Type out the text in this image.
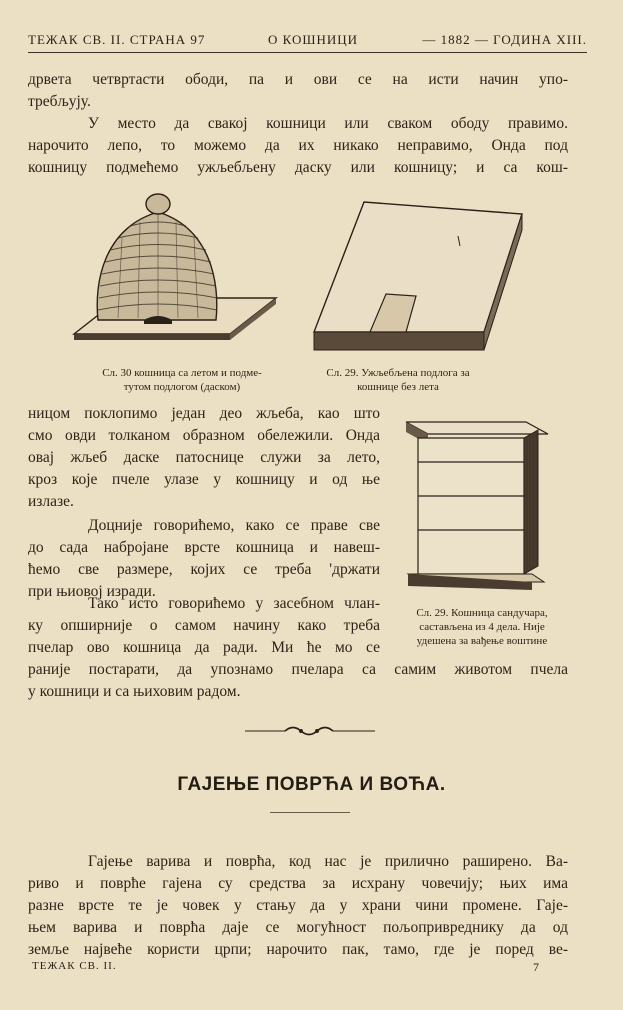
ТЕЖАК СВ. II. СТРАНА 97	О КОШНИЦИ	— 1882 — ГОДИНА XIII.
дрвета четвртасти ободи, па и ови се на исти начин упо-
требљују.
У место да свакој кошници или сваком ободу правимо.
нарочито лепо, то можемо да их никако неправимо, Онда под
кошницу подмећемо ужљебљену даску или кошницу; и са кош-
Сл. 30 кошница са летом и подме-
тутом подлогом (даском)
Сл. 29. Ужљебљена подлога за
кошнице без лета
ницом поклопимо један део жљеба, као што
смо овди толканом образном обележили. Онда
овај жљеб даске патоснице служи за лето,
кроз које пчеле улазе у кошницу и од ње
излазе.
Доцније говорићемо, како се праве све
до сада набројане врсте кошница и навеш-
ћемо све размере, којих се треба 'држати
при њиовој изради.
Сл. 29. Кошница сандучара,
састављена из 4 дела. Није
удешена за вађење воштине
Тако исто говорићемо у засебном члан-
ку опширније о самом начину како треба
пчелар ово кошница да ради. Ми ће мо се
раније постарати, да упознамо пчелара са самим животом пчела
у кошници и са њиховим радом.
ГАЈЕЊЕ ПОВРЋА И ВОЋА.
Гајење варива и поврћа, код нас је прилично раширено. Ва-
риво и поврће гајена су средства за исхрану човечију; њих има
разне врсте те је човек у стању да у храни чини промене. Гаје-
њем варива и поврћа даје се могућност пољопривреднику да од
земље највеће користи црпи; нарочито пак, тамо, где је поред ве-
ТЕЖАК СВ. II.	7
